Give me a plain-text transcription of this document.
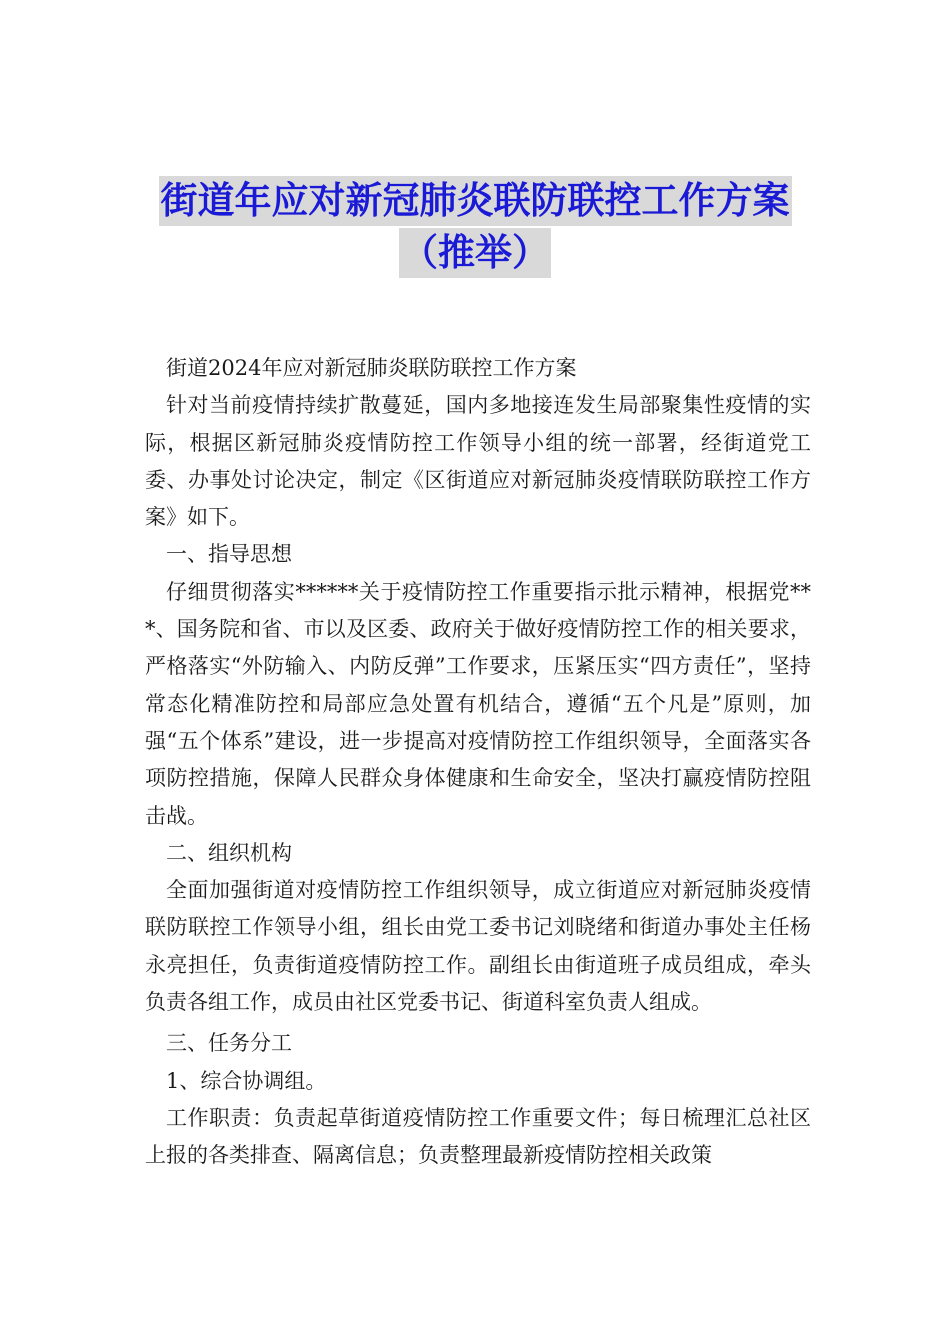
街道年应对新冠肺炎联防联控工作方案
（推举）

街道2024年应对新冠肺炎联防联控工作方案

针对当前疫情持续扩散蔓延，国内多地接连发生局部聚集性疫情的实际，根据区新冠肺炎疫情防控工作领导小组的统一部署，经街道党工委、办事处讨论决定，制定《区街道应对新冠肺炎疫情联防联控工作方案》如下。

一、指导思想

仔细贯彻落实******关于疫情防控工作重要指示批示精神，根据党***、国务院和省、市以及区委、政府关于做好疫情防控工作的相关要求，严格落实“外防输入、内防反弹”工作要求，压紧压实“四方责任”，坚持常态化精准防控和局部应急处置有机结合，遵循“五个凡是”原则，加强“五个体系”建设，进一步提高对疫情防控工作组织领导，全面落实各项防控措施，保障人民群众身体健康和生命安全，坚决打赢疫情防控阻击战。

二、组织机构

全面加强街道对疫情防控工作组织领导，成立街道应对新冠肺炎疫情联防联控工作领导小组，组长由党工委书记刘晓绪和街道办事处主任杨永亮担任，负责街道疫情防控工作。副组长由街道班子成员组成，牵头负责各组工作，成员由社区党委书记、街道科室负责人组成。

三、任务分工

1、综合协调组。

工作职责：负责起草街道疫情防控工作重要文件；每日梳理汇总社区上报的各类排查、隔离信息；负责整理最新疫情防控相关政策
